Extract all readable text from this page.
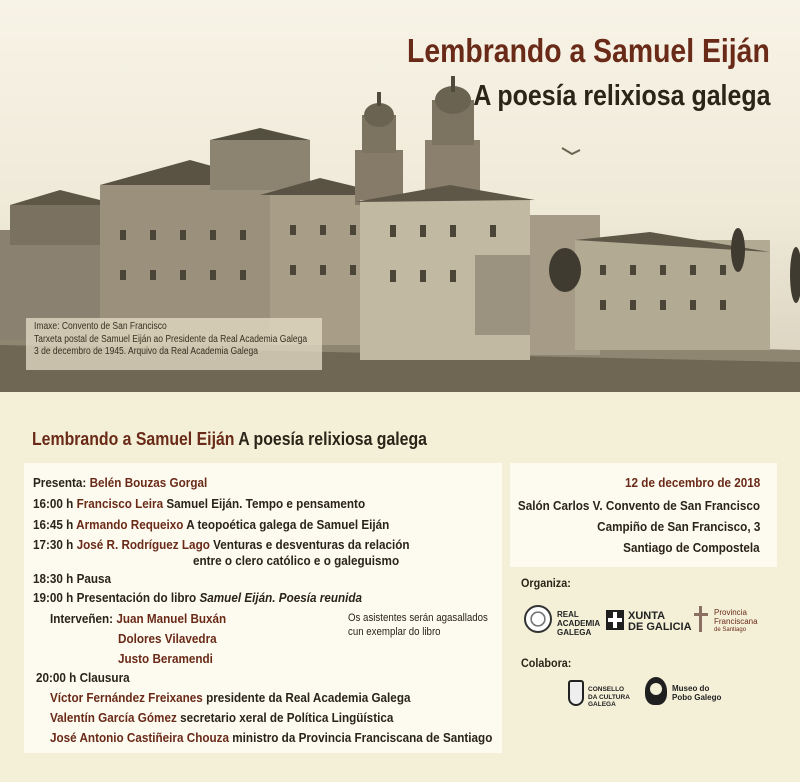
Lembrando a Samuel Eiján
A poesía relixiosa galega
Imaxe: Convento de San Francisco
Tarxeta postal de Samuel Eiján ao Presidente da Real Academia Galega
3 de decembro de 1945. Arquivo da Real Academia Galega
Lembrando a Samuel Eiján A poesía relixiosa galega
Presenta: Belén Bouzas Gorgal
16:00 h Francisco Leira Samuel Eiján. Tempo e pensamento
16:45 h Armando Requeixo A teopoética galega de Samuel Eiján
17:30 h José R. Rodríguez Lago Venturas e desventuras da relación
entre o clero católico e o galeguismo
18:30 h Pausa
19:00 h Presentación do libro Samuel Eiján. Poesía reunida
Interveñen: Juan Manuel Buxán
Dolores Vilavedra
Justo Beramendi
Os asistentes serán agasallados
cun exemplar do libro
20:00 h Clausura
Víctor Fernández Freixanes presidente da Real Academia Galega
Valentín García Gómez secretario xeral de Política Lingüística
José Antonio Castiñeira Chouza ministro da Provincia Franciscana de Santiago
12 de decembro de 2018
Salón Carlos V. Convento de San Francisco
Campiño de San Francisco, 3
Santiago de Compostela
Organiza:
REAL
ACADEMIA
GALEGA
XUNTA
DE GALICIA
Provincia
Franciscana
de Santiago
Colabora:
CONSELLO
DA CULTURA
GALEGA
Museo do
Pobo Galego
